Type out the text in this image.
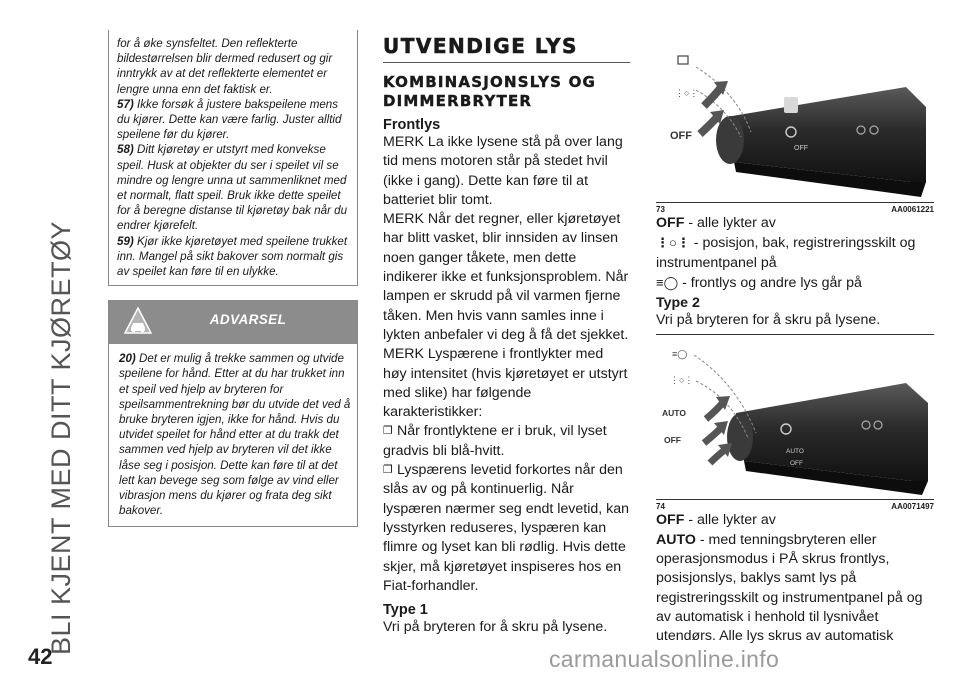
BLI KJENT MED DITT KJØRETØY
42	carmanualsonline.info

for å øke synsfeltet. Den reflekterte bildestørrelsen blir dermed redusert og gir inntrykk av at det reflekterte elementet er lengre unna enn det faktisk er.

57) Ikke forsøk å justere bakspeilene mens du kjører. Dette kan være farlig. Juster alltid speilene før du kjører.

58) Ditt kjøretøy er utstyrt med konvekse speil. Husk at objekter du ser i speilet vil se mindre og lengre unna ut sammenliknet med et normalt, flatt speil. Bruk ikke dette speilet for å beregne distanse til kjøretøy bak når du endrer kjørefelt.

59) Kjør ikke kjøretøyet med speilene trukket inn. Mangel på sikt bakover som normalt gis av speilet kan føre til en ulykke.

ADVARSEL

20) Det er mulig å trekke sammen og utvide speilene for hånd. Etter at du har trukket inn et speil ved hjelp av bryteren for speilsammentrekning bør du utvide det ved å bruke bryteren igjen, ikke for hånd. Hvis du utvidet speilet for hånd etter at du trakk det sammen ved hjelp av bryteren vil det ikke låse seg i posisjon. Dette kan føre til at det lett kan bevege seg som følge av vind eller vibrasjon mens du kjører og frata deg sikt bakover.

UTVENDIGE LYS
KOMBINASJONSLYS OG DIMMERBRYTER
Frontlys

MERK La ikke lysene stå på over lang tid mens motoren står på stedet hvil (ikke i gang). Dette kan føre til at batteriet blir tomt.

MERK Når det regner, eller kjøretøyet har blitt vasket, blir innsiden av linsen noen ganger tåkete, men dette indikerer ikke et funksjonsproblem. Når lampen er skrudd på vil varmen fjerne tåken. Men hvis vann samles inne i lykten anbefaler vi deg å få det sjekket.

MERK Lyspærene i frontlykter med høy intensitet (hvis kjøretøyet er utstyrt med slike) har følgende karakteristikker:

❐ Når frontlyktene er i bruk, vil lyset gradvis bli blå-hvitt.

❐ Lyspærens levetid forkortes når den slås av og på kontinuerlig. Når lyspæren nærmer seg endt levetid, kan lysstyrken reduseres, lyspæren kan flimre og lyset kan bli rødlig. Hvis dette skjer, må kjøretøyet inspiseres hos en Fiat-forhandler.

Type 1

Vri på bryteren for å skru på lysene.

OFF
⋮○⋮
OFF
73	AA0061221

OFF - alle lykter av

⋮○⋮ - posisjon, bak, registreringsskilt og instrumentpanel på

≡◯ - frontlys og andre lys går på

Type 2

Vri på bryteren for å skru på lysene.

AUTO
OFF
≡◯
⋮○⋮
AUTO
OFF
74	AA0071497

OFF - alle lykter av

AUTO - med tenningsbryteren eller operasjonsmodus i PÅ skrus frontlys, posisjonslys, baklys samt lys på registreringsskilt og instrumentpanel på og av automatisk i henhold til lysnivået utendørs. Alle lys skrus av automatisk
